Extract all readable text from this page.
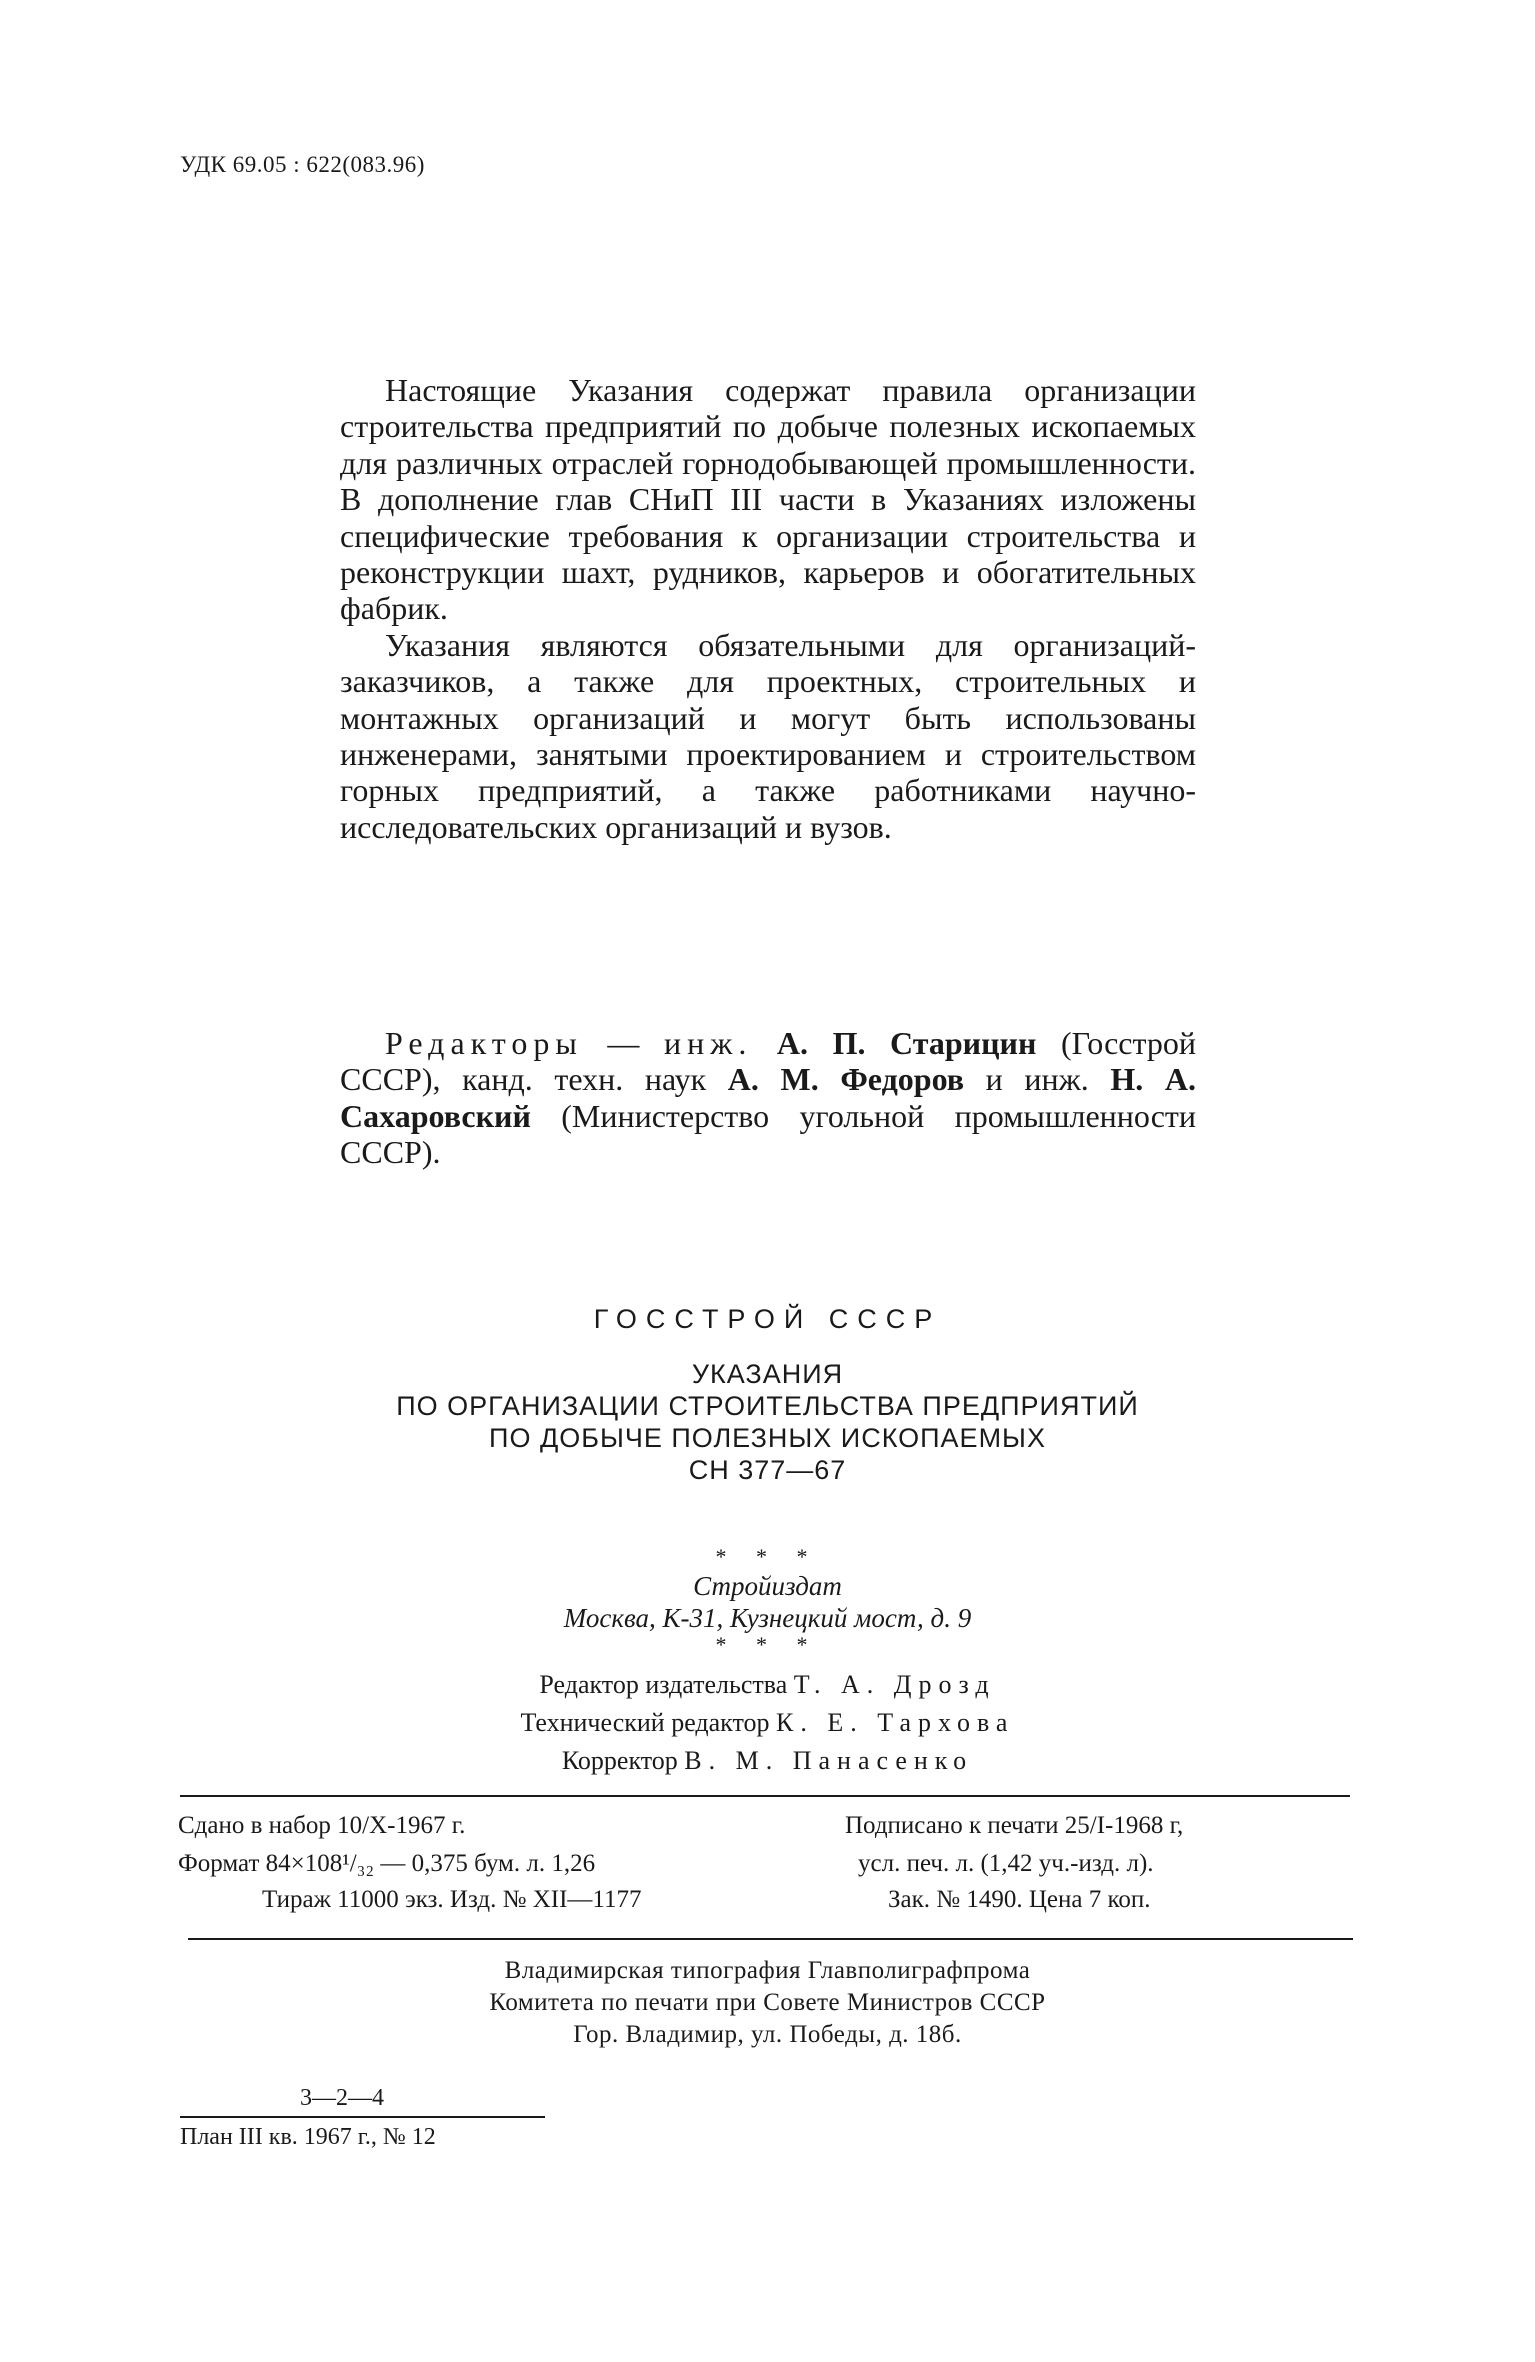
УДК 69.05 : 622(083.96)

Настоящие Указания содержат правила организации строительства предприятий по добыче полезных ископаемых для различных отраслей горнодобывающей промышленности. В дополнение глав СНиП III части в Указаниях изложены специфические требования к организации строительства и реконструкции шахт, рудников, карьеров и обогатительных фабрик.

Указания являются обязательными для организаций-заказчиков, а также для проектных, строительных и монтажных организаций и могут быть использованы инженерами, занятыми проектированием и строительством горных предприятий, а также работниками научно-исследовательских организаций и вузов.

Редакторы — инж. А. П. Старицин (Госстрой СССР), канд. техн. наук А. М. Федоров и инж. Н. А. Сахаровский (Министерство угольной промышленности СССР).

ГОССТРОЙ СССР
УКАЗАНИЯ
ПО ОРГАНИЗАЦИИ СТРОИТЕЛЬСТВА ПРЕДПРИЯТИЙ
ПО ДОБЫЧЕ ПОЛЕЗНЫХ ИСКОПАЕМЫХ
СН 377—67
* * *
Стройиздат
Москва, К-31, Кузнецкий мост, д. 9
* * *
Редактор издательства Т. А. Дрозд
Технический редактор К. Е. Тархова
Корректор В. М. Панасенко
Сдано в набор 10/X-1967 г.	Подписано к печати 25/I-1968 г,
Формат 84×108¹/₃₂ — 0,375 бум. л. 1,26	усл. печ. л. (1,42 уч.-изд. л).
Тираж 11000 экз. Изд. № XII—1177	Зак. № 1490. Цена 7 коп.
Владимирская типография Главполиграфпрома
Комитета по печати при Совете Министров СССР
Гор. Владимир, ул. Победы, д. 18б.
3—2—4
План III кв. 1967 г., № 12
